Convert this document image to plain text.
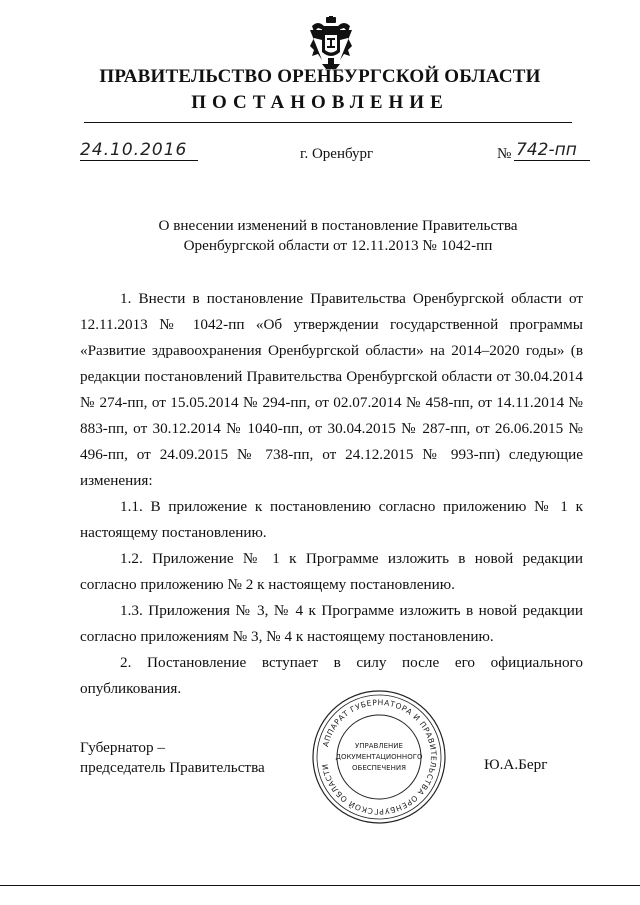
ПРАВИТЕЛЬСТВО ОРЕНБУРГСКОЙ ОБЛАСТИ
ПОСТАНОВЛЕНИЕ
24.10.2016	г. Оренбург	№ 742-пп
О внесении изменений в постановление Правительства
Оренбургской области от 12.11.2013 № 1042-пп

1. Внести в постановление Правительства Оренбургской области от 12.11.2013 № 1042-пп «Об утверждении государственной программы «Развитие здравоохранения Оренбургской области» на 2014–2020 годы» (в редакции постановлений Правительства Оренбургской области от 30.04.2014 № 274-пп, от 15.05.2014 № 294-пп, от 02.07.2014 № 458-пп, от 14.11.2014 № 883-пп, от 30.12.2014 № 1040-пп, от 30.04.2015 № 287-пп, от 26.06.2015 № 496-пп, от 24.09.2015 № 738-пп, от 24.12.2015 № 993-пп) следующие изменения:

1.1. В приложение к постановлению согласно приложению № 1 к настоящему постановлению.

1.2. Приложение № 1 к Программе изложить в новой редакции согласно приложению № 2 к настоящему постановлению.

1.3. Приложения № 3, № 4 к Программе изложить в новой редакции согласно приложениям № 3, № 4 к настоящему постановлению.

2. Постановление вступает в силу после его официального опубликования.

Губернатор –
председатель Правительства	Ю.А.Берг
АППАРАТ ГУБЕРНАТОРА И ПРАВИТЕЛЬСТВА ОРЕНБУРГСКОЙ ОБЛАСТИ
УПРАВЛЕНИЕ
ДОКУМЕНТАЦИОННОГО
ОБЕСПЕЧЕНИЯ
